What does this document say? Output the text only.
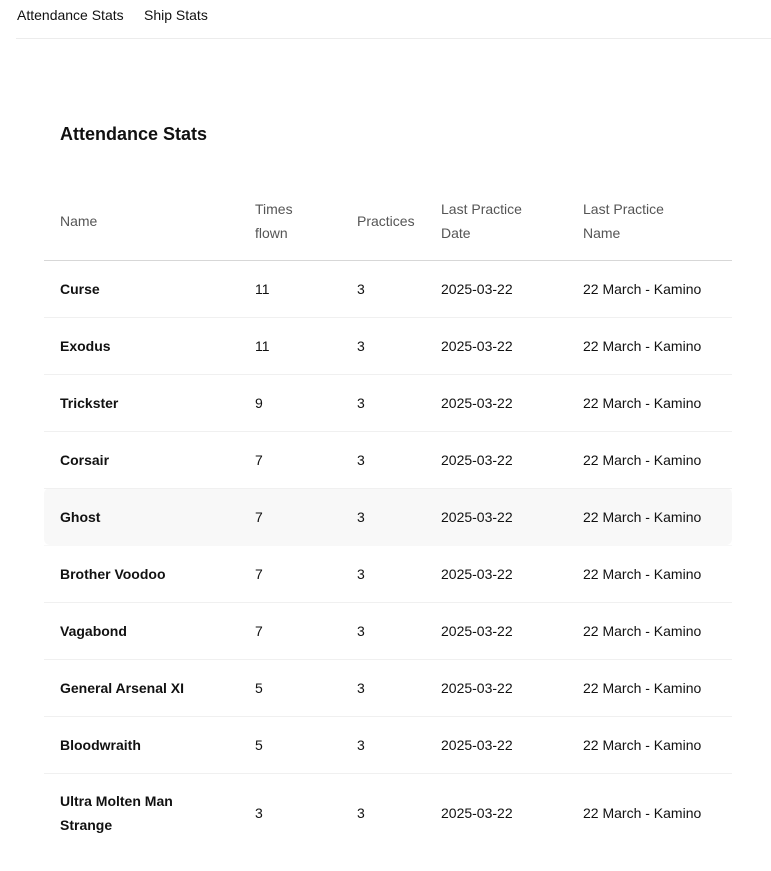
Attendance Stats Ship Stats
Attendance Stats
Name	Times flown	Practices	Last Practice Date	Last Practice Name

Curse	11	3	2025-03-22	22 March - Kamino

Exodus	11	3	2025-03-22	22 March - Kamino

Trickster	9	3	2025-03-22	22 March - Kamino

Corsair	7	3	2025-03-22	22 March - Kamino

Ghost	7	3	2025-03-22	22 March - Kamino

Brother Voodoo	7	3	2025-03-22	22 March - Kamino

Vagabond	7	3	2025-03-22	22 March - Kamino

General Arsenal XI	5	3	2025-03-22	22 March - Kamino

Bloodwraith	5	3	2025-03-22	22 March - Kamino

Ultra Molten Man Strange	3	3	2025-03-22	22 March - Kamino
